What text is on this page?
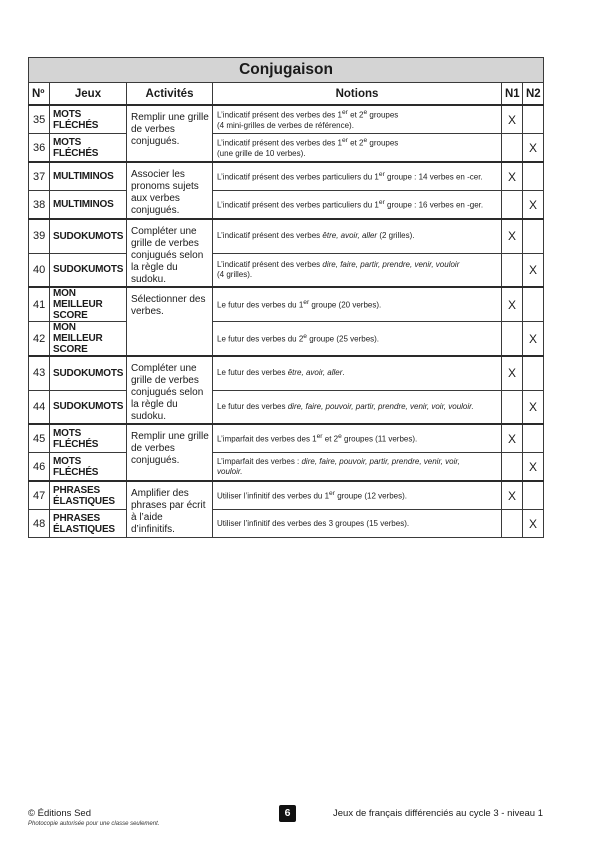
Conjugaison					
Nº	Jeux	Activités	Notions	N1	N2
35	MOTS FLÉCHÉS	Remplir une grille de verbes conjugués.	L’indicatif présent des verbes des 1er et 2e groupes
(4 mini-grilles de verbes de référence).	X	
36	MOTS FLÉCHÉS		L’indicatif présent des verbes des 1er et 2e groupes
(une grille de 10 verbes).		X
37	MULTIMINOS	Associer les pronoms sujets aux verbes conjugués.	L’indicatif présent des verbes particuliers du 1er groupe : 14 verbes en -cer.	X	
38	MULTIMINOS		L’indicatif présent des verbes particuliers du 1er groupe : 16 verbes en -ger.		X
39	SUDOKUMOTS	Compléter une grille de verbes conjugués selon la règle du sudoku.	L’indicatif présent des verbes être, avoir, aller (2 grilles).	X	
40	SUDOKUMOTS		L’indicatif présent des verbes dire, faire, partir, prendre, venir, vouloir
(4 grilles).		X
41	MON MEILLEUR SCORE	Sélectionner des verbes.	Le futur des verbes du 1er groupe (20 verbes).	X	
42	MON MEILLEUR SCORE		Le futur des verbes du 2e groupe (25 verbes).		X
43	SUDOKUMOTS	Compléter une grille de verbes conjugués selon la règle du sudoku.	Le futur des verbes être, avoir, aller.	X	
44	SUDOKUMOTS		Le futur des verbes dire, faire, pouvoir, partir, prendre, venir, voir, vouloir.		X
45	MOTS FLÉCHÉS	Remplir une grille de verbes conjugués.	L’imparfait des verbes des 1er et 2e groupes (11 verbes).	X	
46	MOTS FLÉCHÉS		L’imparfait des verbes : dire, faire, pouvoir, partir, prendre, venir, voir,
vouloir.		X
47	PHRASES ÉLASTIQUES	Amplifier des phrases par écrit à l’aide d’infinitifs.	Utiliser l’infinitif des verbes du 1er groupe (12 verbes).	X	
48	PHRASES ÉLASTIQUES		Utiliser l’infinitif des verbes des 3 groupes (15 verbes).		X
© Éditions Sed
Photocopie autorisée pour une classe seulement.
6	Jeux de français différenciés au cycle 3 - niveau 1
